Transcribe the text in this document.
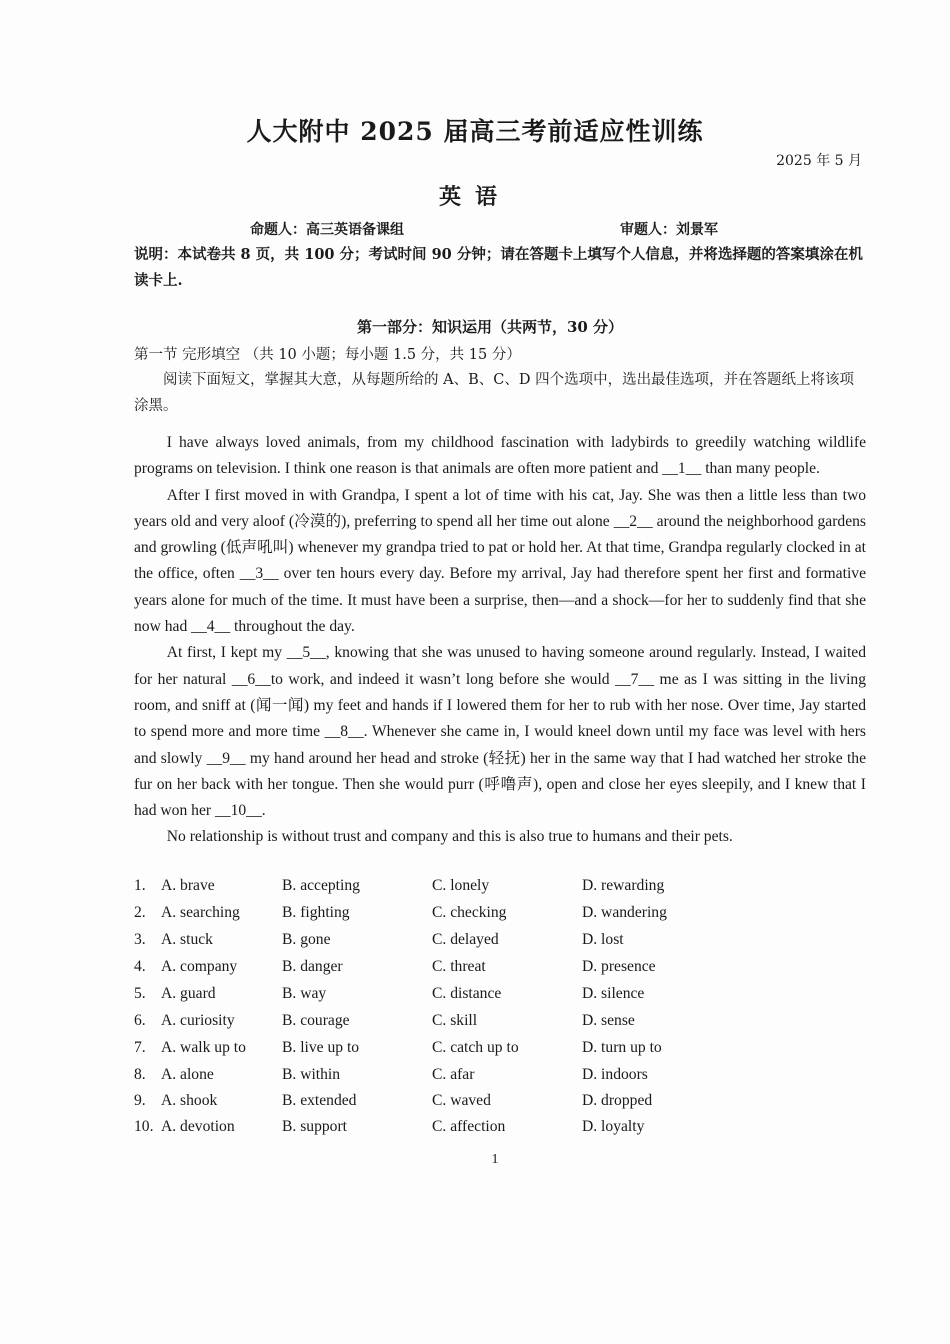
人大附中 2025 届高三考前适应性训练
2025 年 5 月
英语
命题人：高三英语备课组	审题人：刘景军
说明：本试卷共 8 页，共 100 分；考试时间 90 分钟；请在答题卡上填写个人信息，并将选择题的答案填涂在机读卡上.
第一部分：知识运用（共两节，30 分）
第一节 完形填空 （共 10 小题；每小题 1.5 分，共 15 分）
阅读下面短文，掌握其大意，从每题所给的 A、B、C、D 四个选项中，选出最佳选项，并在答题纸上将该项涂黑。

I have always loved animals, from my childhood fascination with ladybirds to greedily watching wildlife programs on television. I think one reason is that animals are often more patient and __1__ than many people.

After I first moved in with Grandpa, I spent a lot of time with his cat, Jay. She was then a little less than two years old and very aloof (冷漠的), preferring to spend all her time out alone __2__ around the neighborhood gardens and growling (低声吼叫) whenever my grandpa tried to pat or hold her. At that time, Grandpa regularly clocked in at the office, often __3__ over ten hours every day. Before my arrival, Jay had therefore spent her first and formative years alone for much of the time. It must have been a surprise, then—and a shock—for her to suddenly find that she now had __4__ throughout the day.

At first, I kept my __5__, knowing that she was unused to having someone around regularly. Instead, I waited for her natural __6__to work, and indeed it wasn’t long before she would __7__ me as I was sitting in the living room, and sniff at (闻一闻) my feet and hands if I lowered them for her to rub with her nose. Over time, Jay started to spend more and more time __8__. Whenever she came in, I would kneel down until my face was level with hers and slowly __9__ my hand around her head and stroke (轻抚) her in the same way that I had watched her stroke the fur on her back with her tongue. Then she would purr (呼噜声), open and close her eyes sleepily, and I knew that I had won her __10__.

No relationship is without trust and company and this is also true to humans and their pets.

1. A. brave	B. accepting	C. lonely	D. rewarding
2. A. searching	B. fighting	C. checking	D. wandering
3. A. stuck	B. gone	C. delayed	D. lost
4. A. company	B. danger	C. threat	D. presence
5. A. guard	B. way	C. distance	D. silence
6. A. curiosity	B. courage	C. skill	D. sense
7. A. walk up to B. live up to	C. catch up to	D. turn up to
8. A. alone	B. within	C. afar	D. indoors
9. A. shook	B. extended	C. waved	D. dropped
10. A. devotion	B. support	C. affection	D. loyalty
1
